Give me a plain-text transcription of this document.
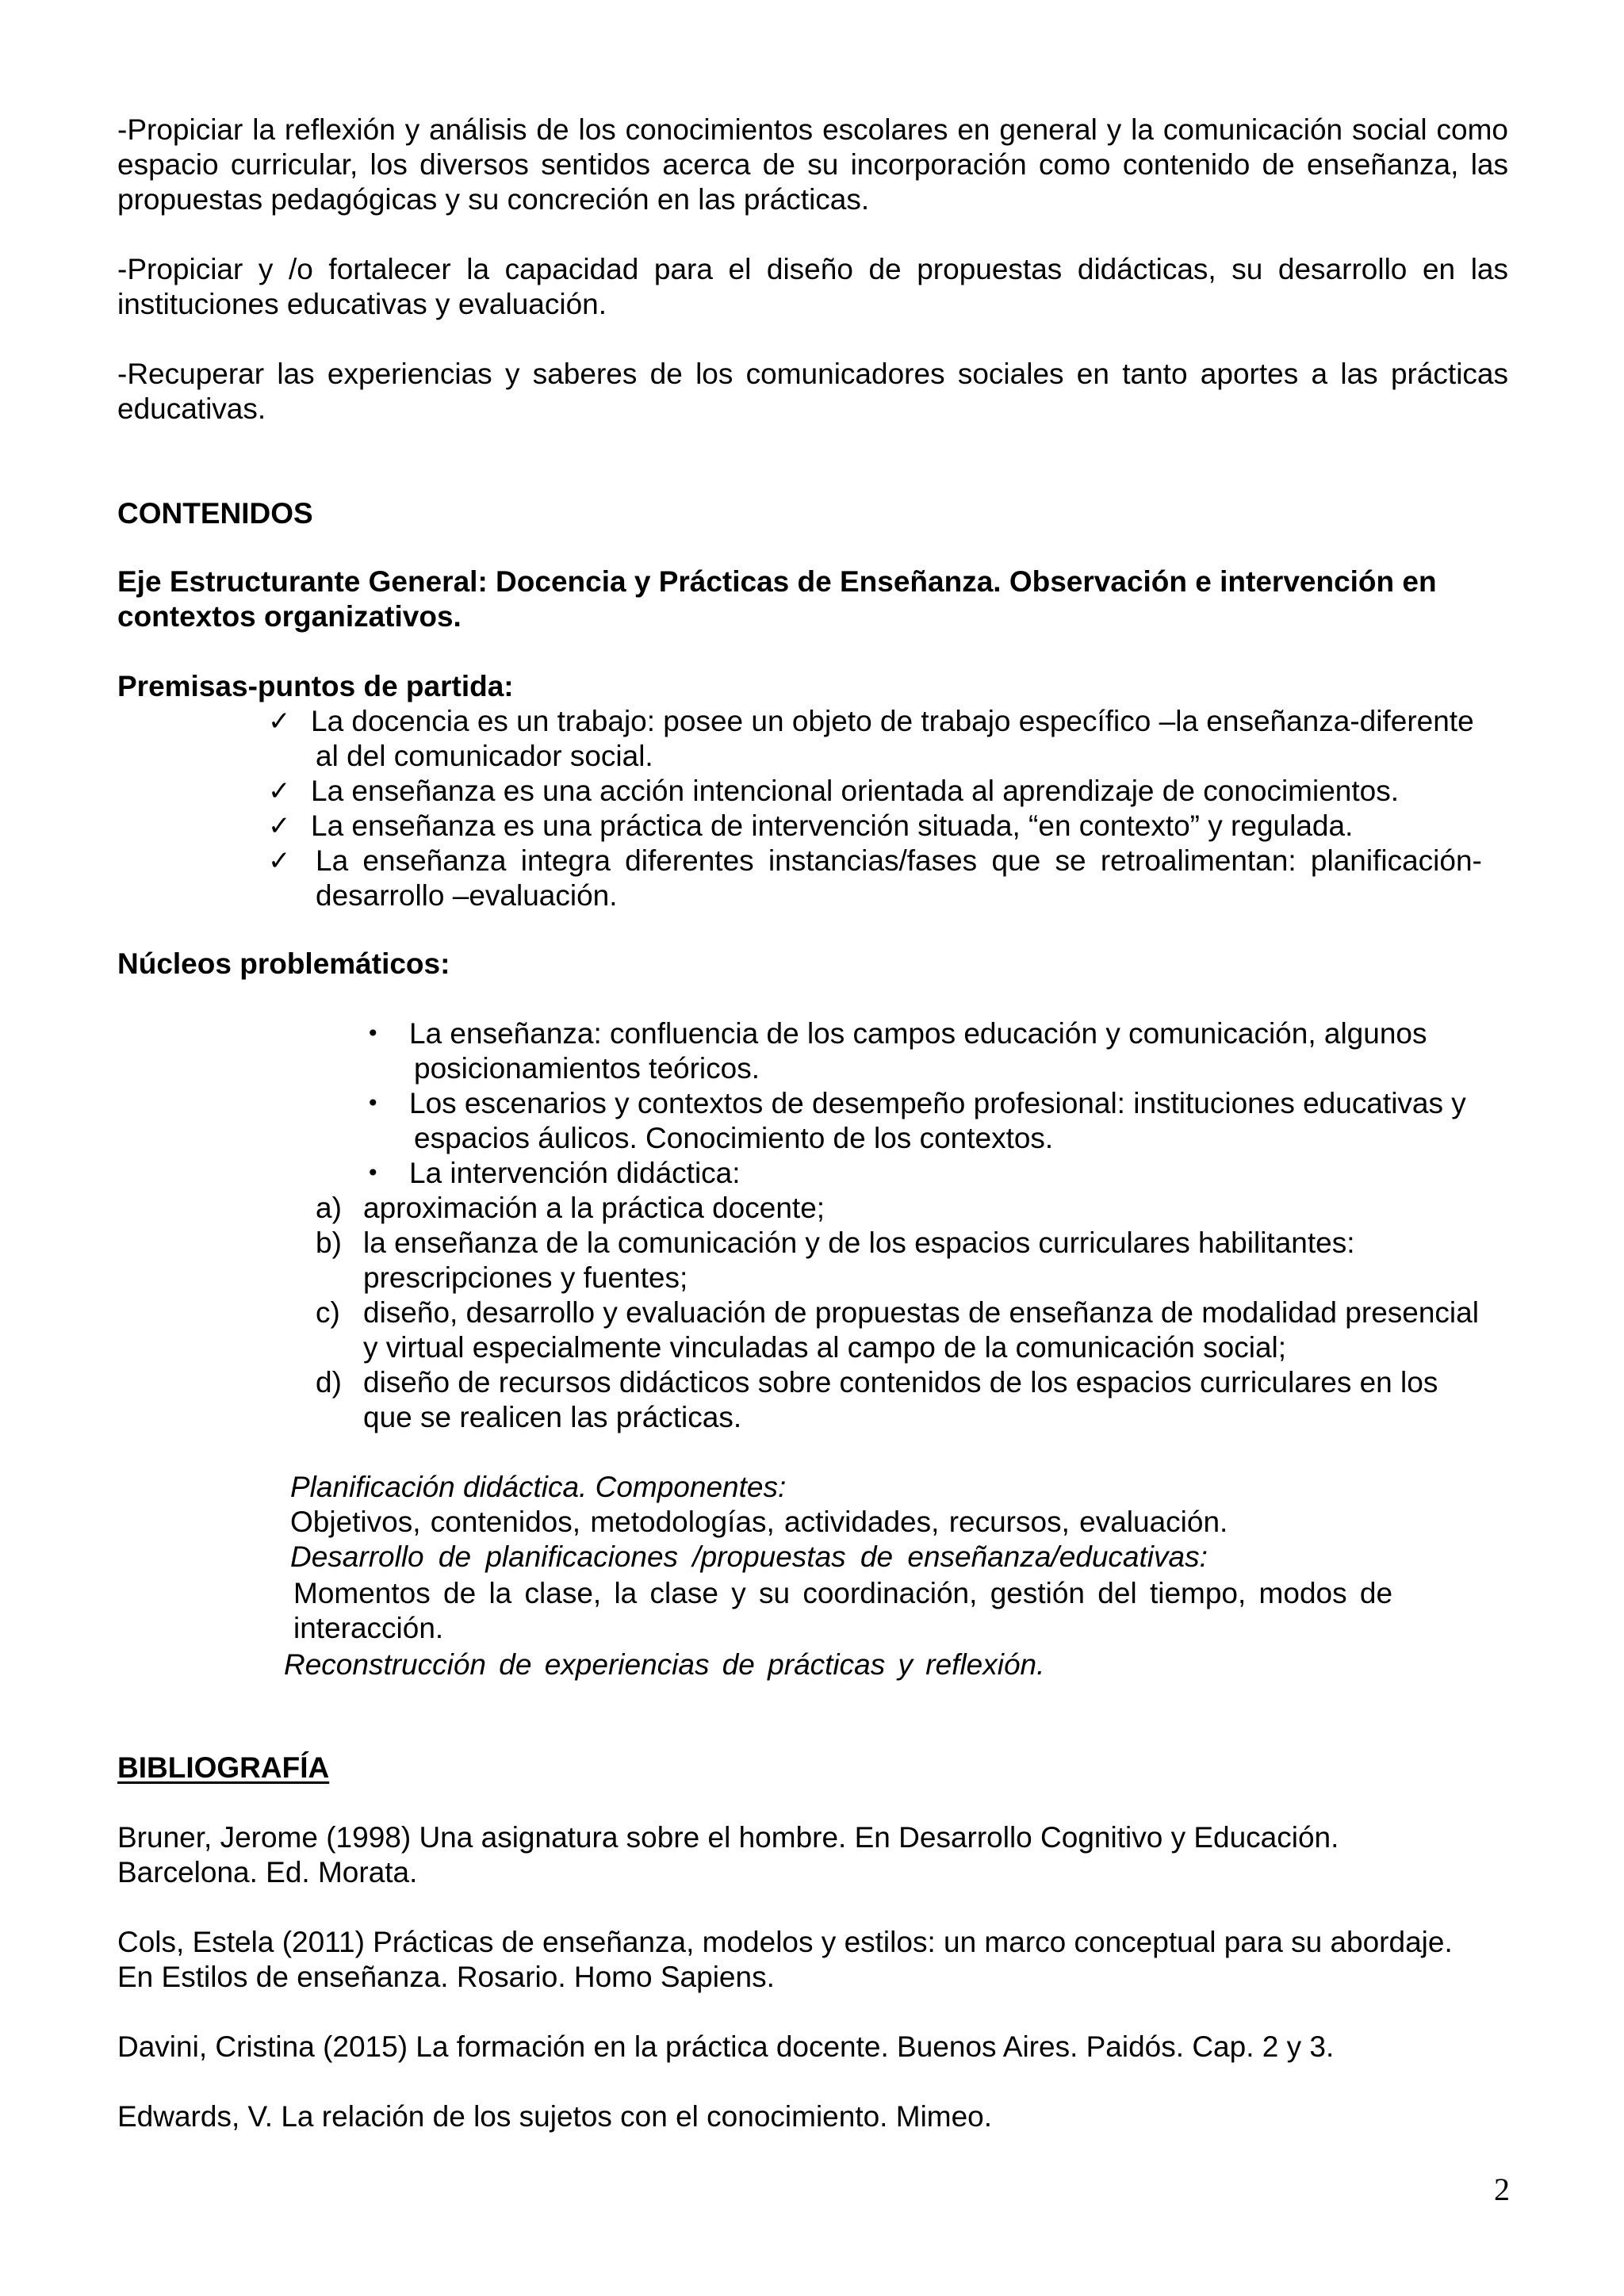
-Propiciar la reflexión y análisis de los conocimientos escolares en general y la comunicación social como espacio curricular, los diversos sentidos acerca de su incorporación como contenido de enseñanza, las propuestas pedagógicas y su concreción en las prácticas.

-Propiciar y /o fortalecer la capacidad para el diseño de propuestas didácticas, su desarrollo en las instituciones educativas y evaluación.

-Recuperar las experiencias y saberes de los comunicadores sociales en tanto aportes a las prácticas educativas.

CONTENIDOS

Eje Estructurante General: Docencia y Prácticas de Enseñanza. Observación e intervención en contextos organizativos.

Premisas-puntos de partida:
✓ La docencia es un trabajo: posee un objeto de trabajo específico –la enseñanza-diferente
al del comunicador social.
✓ La enseñanza es una acción intencional orientada al aprendizaje de conocimientos.
✓ La enseñanza es una práctica de intervención situada, “en contexto” y regulada.
✓ La enseñanza integra diferentes instancias/fases que se retroalimentan: planificación-
desarrollo –evaluación.
Núcleos problemáticos:
• La enseñanza: confluencia de los campos educación y comunicación, algunos
posicionamientos teóricos.
• Los escenarios y contextos de desempeño profesional: instituciones educativas y
espacios áulicos. Conocimiento de los contextos.
• La intervención didáctica:
a) aproximación a la práctica docente;
b) la enseñanza de la comunicación y de los espacios curriculares habilitantes:
prescripciones y fuentes;
c) diseño, desarrollo y evaluación de propuestas de enseñanza de modalidad presencial
y virtual especialmente vinculadas al campo de la comunicación social;
d) diseño de recursos didácticos sobre contenidos de los espacios curriculares en los
que se realicen las prácticas.
Planificación didáctica. Componentes:
Objetivos, contenidos, metodologías, actividades, recursos, evaluación.
Desarrollo de planificaciones /propuestas de enseñanza/educativas:
Momentos de la clase, la clase y su coordinación, gestión del tiempo, modos de
interacción.
Reconstrucción de experiencias de prácticas y reflexión.
BIBLIOGRAFÍA
Bruner, Jerome (1998) Una asignatura sobre el hombre. En Desarrollo Cognitivo y Educación.
Barcelona. Ed. Morata.
Cols, Estela (2011) Prácticas de enseñanza, modelos y estilos: un marco conceptual para su abordaje.
En Estilos de enseñanza. Rosario. Homo Sapiens.
Davini, Cristina (2015) La formación en la práctica docente. Buenos Aires. Paidós. Cap. 2 y 3.
Edwards, V. La relación de los sujetos con el conocimiento. Mimeo.
2
